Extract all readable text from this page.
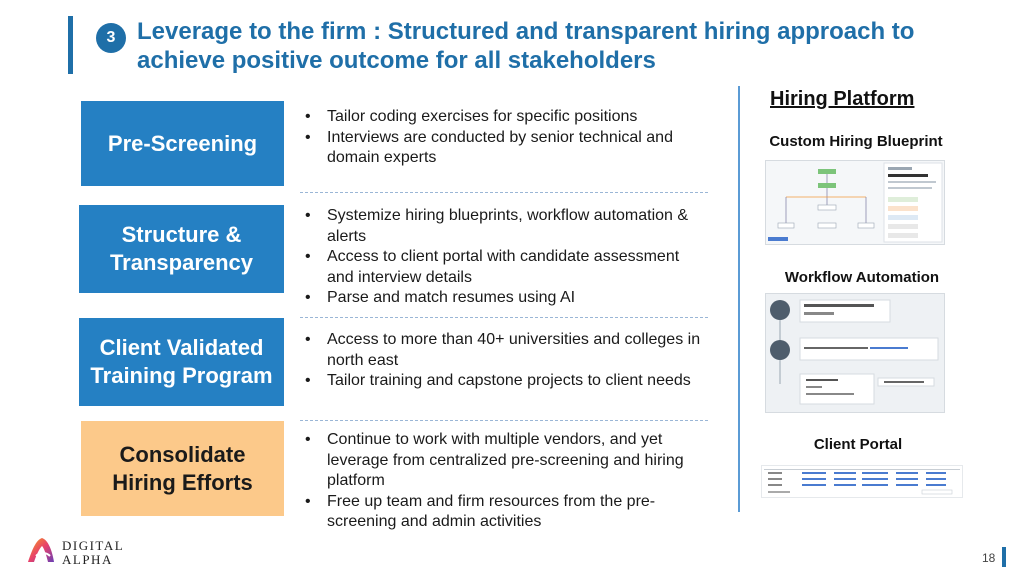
3 Leverage to the firm : Structured and transparent hiring approach to achieve positive outcome for all stakeholders
Pre-Screening
Structure & Transparency
Client Validated Training Program
Consolidate Hiring Efforts
• Tailor coding exercises for specific positions
• Interviews are conducted by senior technical and domain experts
• Systemize hiring blueprints, workflow automation & alerts
• Access to client portal with candidate assessment and interview details
• Parse and match resumes using AI
• Access to more than 40+ universities and colleges in north east
• Tailor training and capstone projects to client needs
• Continue to work with multiple vendors, and yet leverage from centralized pre-screening and hiring platform
• Free up team and firm resources from the pre-screening and admin activities
Hiring Platform
Custom Hiring Blueprint
Workflow Automation
Client Portal
DIGITAL
ALPHA	18
